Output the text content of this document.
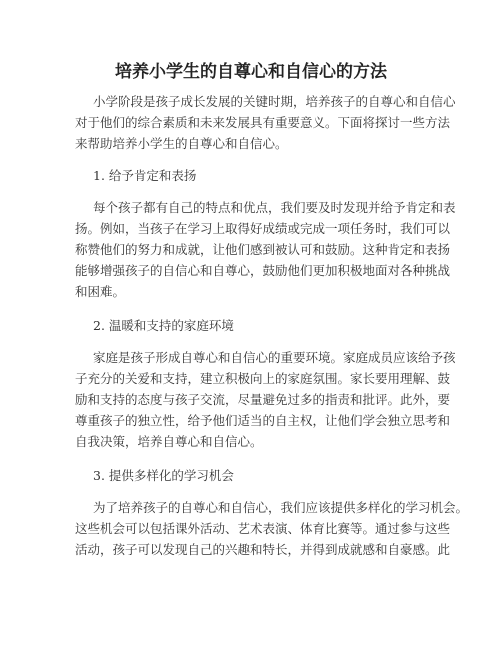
培养小学生的自尊心和自信心的方法

小学阶段是孩子成长发展的关键时期，培养孩子的自尊心和自信心

对于他们的综合素质和未来发展具有重要意义。下面将探讨一些方法

来帮助培养小学生的自尊心和自信心。

1. 给予肯定和表扬

每个孩子都有自己的特点和优点，我们要及时发现并给予肯定和表

扬。例如，当孩子在学习上取得好成绩或完成一项任务时，我们可以

称赞他们的努力和成就，让他们感到被认可和鼓励。这种肯定和表扬

能够增强孩子的自信心和自尊心，鼓励他们更加积极地面对各种挑战

和困难。

2. 温暖和支持的家庭环境

家庭是孩子形成自尊心和自信心的重要环境。家庭成员应该给予孩

子充分的关爱和支持，建立积极向上的家庭氛围。家长要用理解、鼓

励和支持的态度与孩子交流，尽量避免过多的指责和批评。此外，要

尊重孩子的独立性，给予他们适当的自主权，让他们学会独立思考和

自我决策，培养自尊心和自信心。

3. 提供多样化的学习机会

为了培养孩子的自尊心和自信心，我们应该提供多样化的学习机会。

这些机会可以包括课外活动、艺术表演、体育比赛等。通过参与这些

活动，孩子可以发现自己的兴趣和特长，并得到成就感和自豪感。此
